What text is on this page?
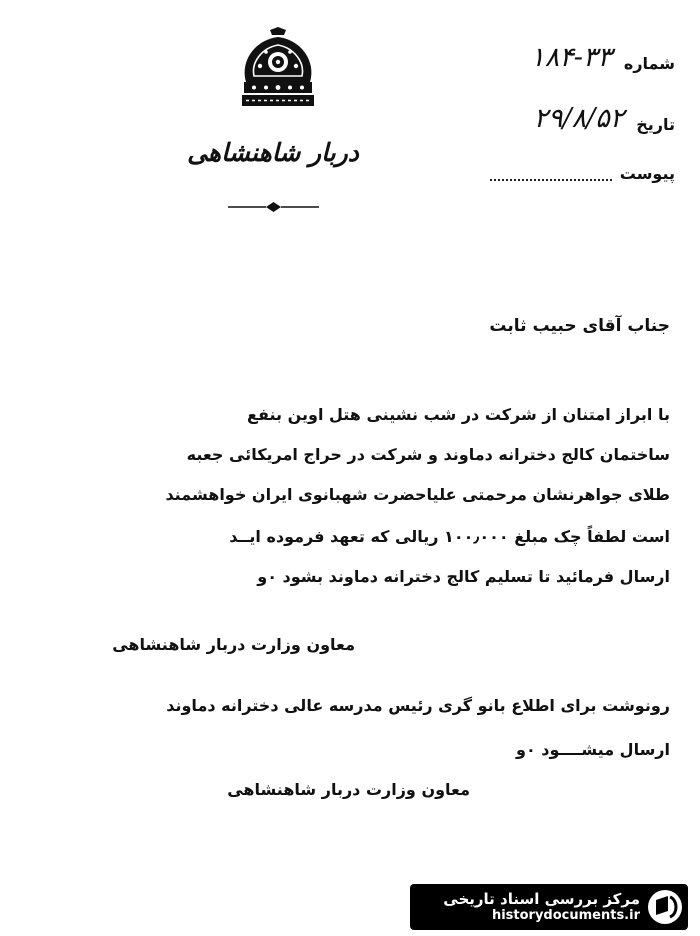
دربار شاهنشاهی
شماره
۱۸۴-۳۳
تاریخ
۲۹/۸/۵۲
پیوست
جناب آقای حبیب ثابت
با ابراز امتنان از شرکت در شب نشینی هتل اوین بنفع
ساختمان کالج دخترانه دماوند و شرکت در حراج امریکائی جعبه
طلای جواهرنشان مرحمتی علیاحضرت شهبانوی ایران خواهشمند
است لطفاً چک مبلغ ۱۰۰٫۰۰۰ ریالی که تعهد فرموده ایــد
ارسال فرمائید تا تسلیم کالج دخترانه دماوند بشود ٠و
معاون وزارت دربار شاهنشاهی
رونوشت برای اطلاع بانو گری رئیس مدرسه عالی دخترانه دماوند
ارسال میشــــود ٠و
معاون وزارت دربار شاهنشاهی
مرکز بررسی اسناد تاریخی
historydocuments.ir
